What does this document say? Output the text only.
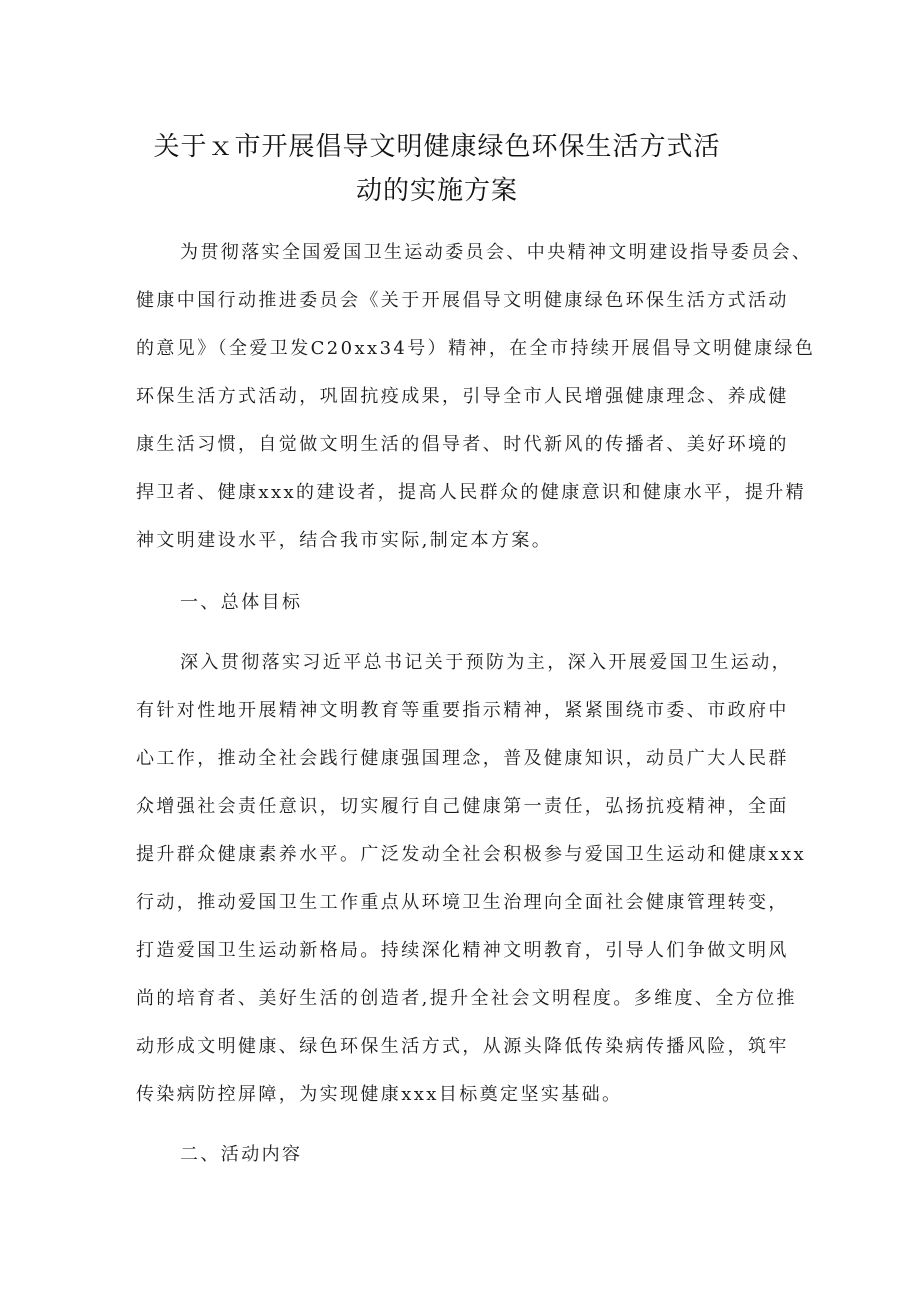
关于ｘ市开展倡导文明健康绿色环保生活方式活
动的实施方案
为贯彻落实全国爱国卫生运动委员会、中央精神文明建设指导委员会、
健康中国行动推进委员会《关于开展倡导文明健康绿色环保生活方式活动
的意见》（全爱卫发C20xx34号）精神，在全市持续开展倡导文明健康绿色
环保生活方式活动，巩固抗疫成果，引导全市人民增强健康理念、养成健
康生活习惯，自觉做文明生活的倡导者、时代新风的传播者、美好环境的
捍卫者、健康xxx的建设者，提高人民群众的健康意识和健康水平，提升精
神文明建设水平，结合我市实际,制定本方案。
一、总体目标
深入贯彻落实习近平总书记关于预防为主，深入开展爱国卫生运动，
有针对性地开展精神文明教育等重要指示精神，紧紧围绕市委、市政府中
心工作，推动全社会践行健康强国理念，普及健康知识，动员广大人民群
众增强社会责任意识，切实履行自己健康第一责任，弘扬抗疫精神，全面
提升群众健康素养水平。广泛发动全社会积极参与爱国卫生运动和健康xxx
行动，推动爱国卫生工作重点从环境卫生治理向全面社会健康管理转变，
打造爱国卫生运动新格局。持续深化精神文明教育，引导人们争做文明风
尚的培育者、美好生活的创造者,提升全社会文明程度。多维度、全方位推
动形成文明健康、绿色环保生活方式，从源头降低传染病传播风险，筑牢
传染病防控屏障，为实现健康xxx目标奠定坚实基础。
二、活动内容
